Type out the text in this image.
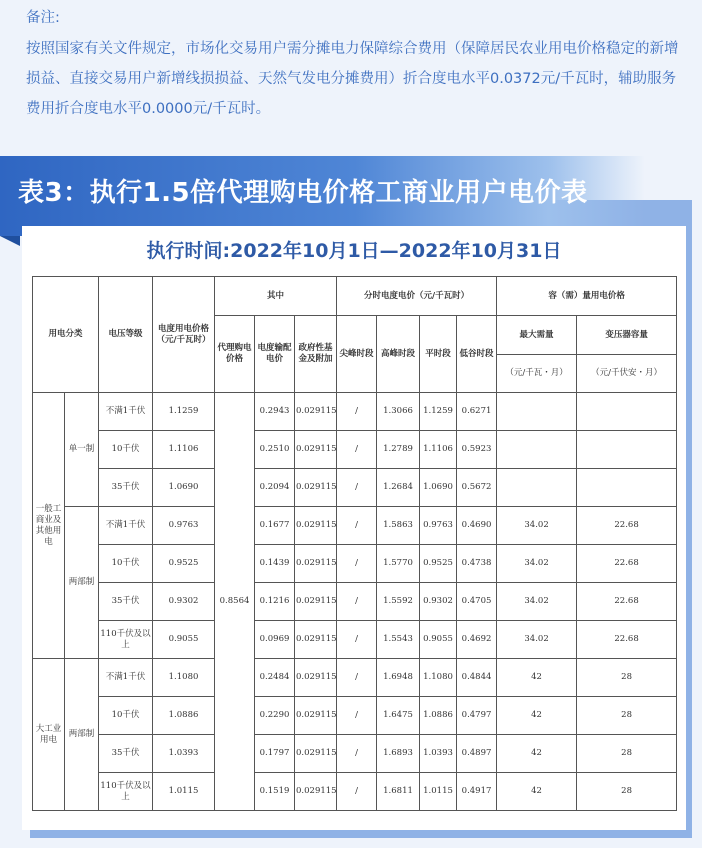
备注:
按照国家有关文件规定，市场化交易用户需分摊电力保障综合费用（保障居民农业用电价格稳定的新增损益、直接交易用户新增线损损益、天然气发电分摊费用）折合度电水平0.0372元/千瓦时，辅助服务费用折合度电水平0.0000元/千瓦时。
表3：执行1.5倍代理购电价格工商业用户电价表
执行时间:2022年10月1日—2022年10月31日
用电分类		电压等级	电度用电价格（元/千瓦时）	其中			分时电度电价（元/千瓦时）				容（需）量用电价格	
				代理购电价格	电度输配电价	政府性基金及附加	尖峰时段	高峰时段	平时段	低谷时段	最大需量	变压器容量
											（元/千瓦・月）	（元/千伏安・月）
一般工商业及其他用电	单一制	不满1千伏	1.1259	0.8564	0.2943	0.029115	/	1.3066	1.1259	0.6271		
		10千伏	1.1106		0.2510	0.029115	/	1.2789	1.1106	0.5923		
		35千伏	1.0690		0.2094	0.029115	/	1.2684	1.0690	0.5672		
	两部制	不满1千伏	0.9763		0.1677	0.029115	/	1.5863	0.9763	0.4690	34.02	22.68
		10千伏	0.9525		0.1439	0.029115	/	1.5770	0.9525	0.4738	34.02	22.68
		35千伏	0.9302		0.1216	0.029115	/	1.5592	0.9302	0.4705	34.02	22.68
		110千伏及以上	0.9055		0.0969	0.029115	/	1.5543	0.9055	0.4692	34.02	22.68
大工业用电	两部制	不满1千伏	1.1080		0.2484	0.029115	/	1.6948	1.1080	0.4844	42	28
		10千伏	1.0886		0.2290	0.029115	/	1.6475	1.0886	0.4797	42	28
		35千伏	1.0393		0.1797	0.029115	/	1.6893	1.0393	0.4897	42	28
		110千伏及以上	1.0115		0.1519	0.029115	/	1.6811	1.0115	0.4917	42	28
